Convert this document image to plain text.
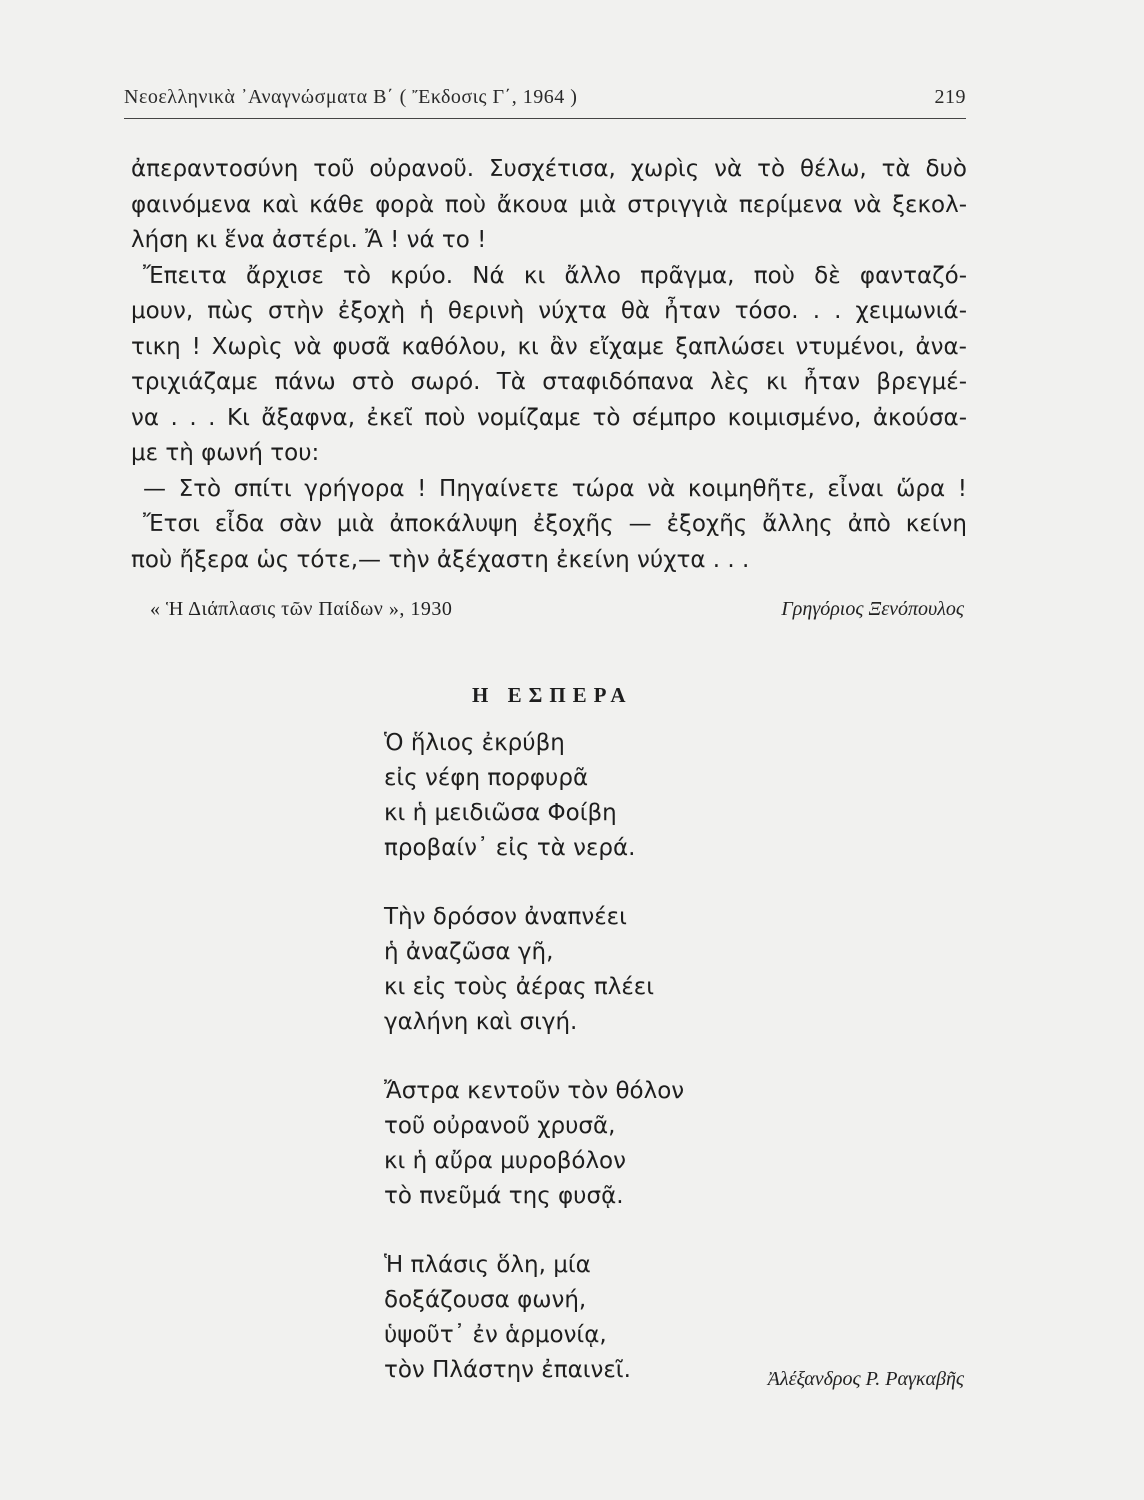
Νεοελληνικὰ ᾿Αναγνώσματα Β΄ ( Ἔκδοσις Γ΄, 1964 )	219
ἀπεραντοσύνη τοῦ οὐρανοῦ. Συσχέτισα, χωρὶς νὰ τὸ θέλω, τὰ δυὸ
φαινόμενα καὶ κάθε φορὰ ποὺ ἄκουα μιὰ στριγγιὰ περίμενα νὰ ξεκολ-
λήση κι ἕνα ἀστέρι. Ἄ ! νά το !
Ἔπειτα ἄρχισε τὸ κρύο. Νά κι ἄλλο πρᾶγμα, ποὺ δὲ φανταζό-
μουν, πὼς στὴν ἐξοχὴ ἡ θερινὴ νύχτα θὰ ἦταν τόσο. . . χειμωνιά-
τικη ! Χωρὶς νὰ φυσᾶ καθόλου, κι ἂν εἴχαμε ξαπλώσει ντυμένοι, ἀνα-
τριχιάζαμε πάνω στὸ σωρό. Τὰ σταφιδόπανα λὲς κι ἦταν βρεγμέ-
να . . . Κι ἄξαφνα, ἐκεῖ ποὺ νομίζαμε τὸ σέμπρο κοιμισμένο, ἀκούσα-
με τὴ φωνή του:
— Στὸ σπίτι γρήγορα ! Πηγαίνετε τώρα νὰ κοιμηθῆτε, εἶναι ὥρα !
Ἔτσι εἶδα σὰν μιὰ ἀποκάλυψη ἐξοχῆς — ἐξοχῆς ἄλλης ἀπὸ κείνη
ποὺ ἤξερα ὡς τότε,— τὴν ἀξέχαστη ἐκείνη νύχτα . . .
« Ἡ Διάπλασις τῶν Παίδων », 1930	Γρηγόριος Ξενόπουλος
Η ΕΣΠΕΡΑ
Ὁ ἥλιος ἐκρύβη
εἰς νέφη πορφυρᾶ
κι ἡ μειδιῶσα Φοίβη
προβαίν᾿ εἰς τὰ νερά.
Τὴν δρόσον ἀναπνέει
ἡ ἀναζῶσα γῆ,
κι εἰς τοὺς ἀέρας πλέει
γαλήνη καὶ σιγή.
Ἄστρα κεντοῦν τὸν θόλον
τοῦ οὐρανοῦ χρυσᾶ,
κι ἡ αὔρα μυροβόλον
τὸ πνεῦμά της φυσᾷ.
Ἡ πλάσις ὅλη, μία
δοξάζουσα φωνή,
ὑψοῦτ᾿ ἐν ἁρμονίᾳ,
τὸν Πλάστην ἐπαινεῖ.	Ἀλέξανδρος Ρ. Ραγκαβῆς
